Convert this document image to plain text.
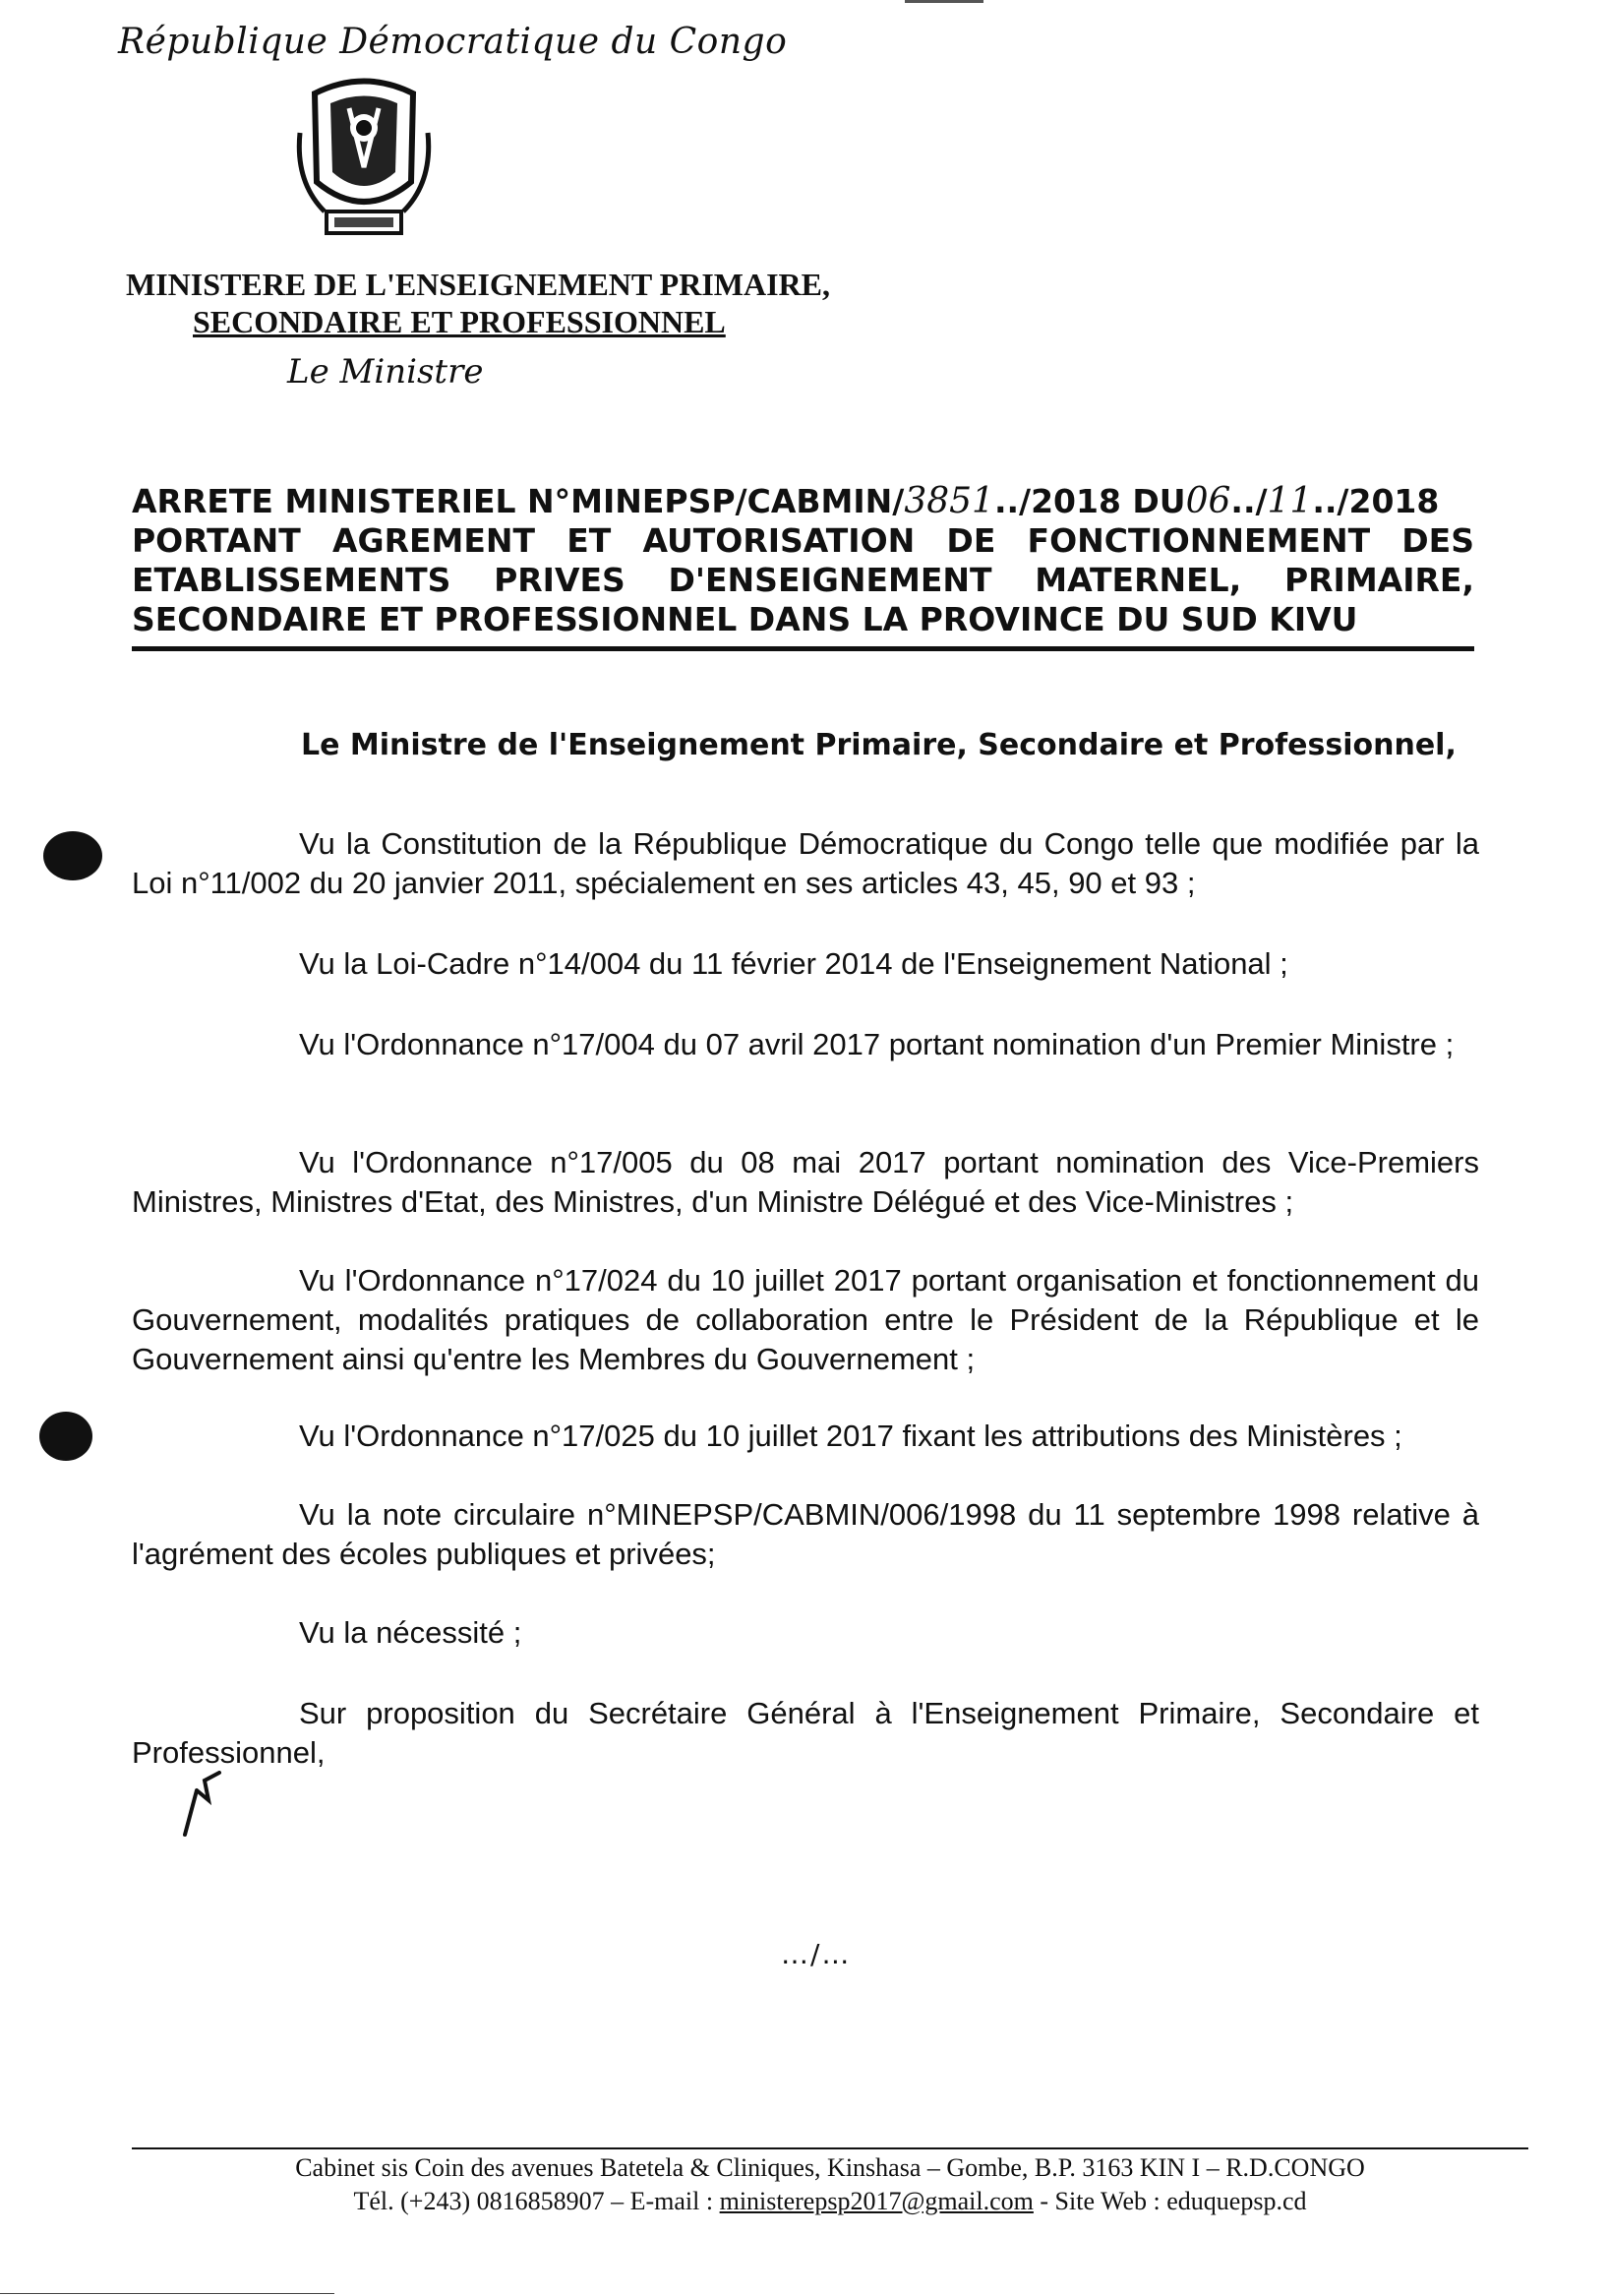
République Démocratique du Congo
MINISTERE DE L'ENSEIGNEMENT PRIMAIRE,
SECONDAIRE ET PROFESSIONNEL
Le Ministre
ARRETE MINISTERIEL N°MINEPSP/CABMIN/3851../2018 DU06../11../2018
PORTANT AGREMENT ET AUTORISATION DE FONCTIONNEMENT DES
ETABLISSEMENTS PRIVES D'ENSEIGNEMENT MATERNEL, PRIMAIRE,
SECONDAIRE ET PROFESSIONNEL DANS LA PROVINCE DU SUD KIVU
Le Ministre de l'Enseignement Primaire, Secondaire et Professionnel,
Vu la Constitution de la République Démocratique du Congo telle que modifiée par la Loi n°11/002 du 20 janvier 2011, spécialement en ses articles 43, 45, 90 et 93 ;
Vu la Loi-Cadre n°14/004 du 11 février 2014 de l'Enseignement National ;
Vu l'Ordonnance n°17/004 du 07 avril 2017 portant nomination d'un Premier Ministre ;
Vu l'Ordonnance n°17/005 du 08 mai 2017 portant nomination des Vice-Premiers Ministres, Ministres d'Etat, des Ministres, d'un Ministre Délégué et des Vice-Ministres ;
Vu l'Ordonnance n°17/024 du 10 juillet 2017 portant organisation et fonctionnement du Gouvernement, modalités pratiques de collaboration entre le Président de la République et le Gouvernement ainsi qu'entre les Membres du Gouvernement ;
Vu l'Ordonnance n°17/025 du 10 juillet 2017 fixant les attributions des Ministères ;
Vu la note circulaire n°MINEPSP/CABMIN/006/1998 du 11 septembre 1998 relative à l'agrément des écoles publiques et privées;
Vu la nécessité ;
Sur proposition du Secrétaire Général à l'Enseignement Primaire, Secondaire et Professionnel,
…/…
Cabinet sis Coin des avenues Batetela & Cliniques, Kinshasa – Gombe, B.P. 3163 KIN I – R.D.CONGO
Tél. (+243) 0816858907 – E-mail : ministerepsp2017@gmail.com - Site Web : eduquepsp.cd
